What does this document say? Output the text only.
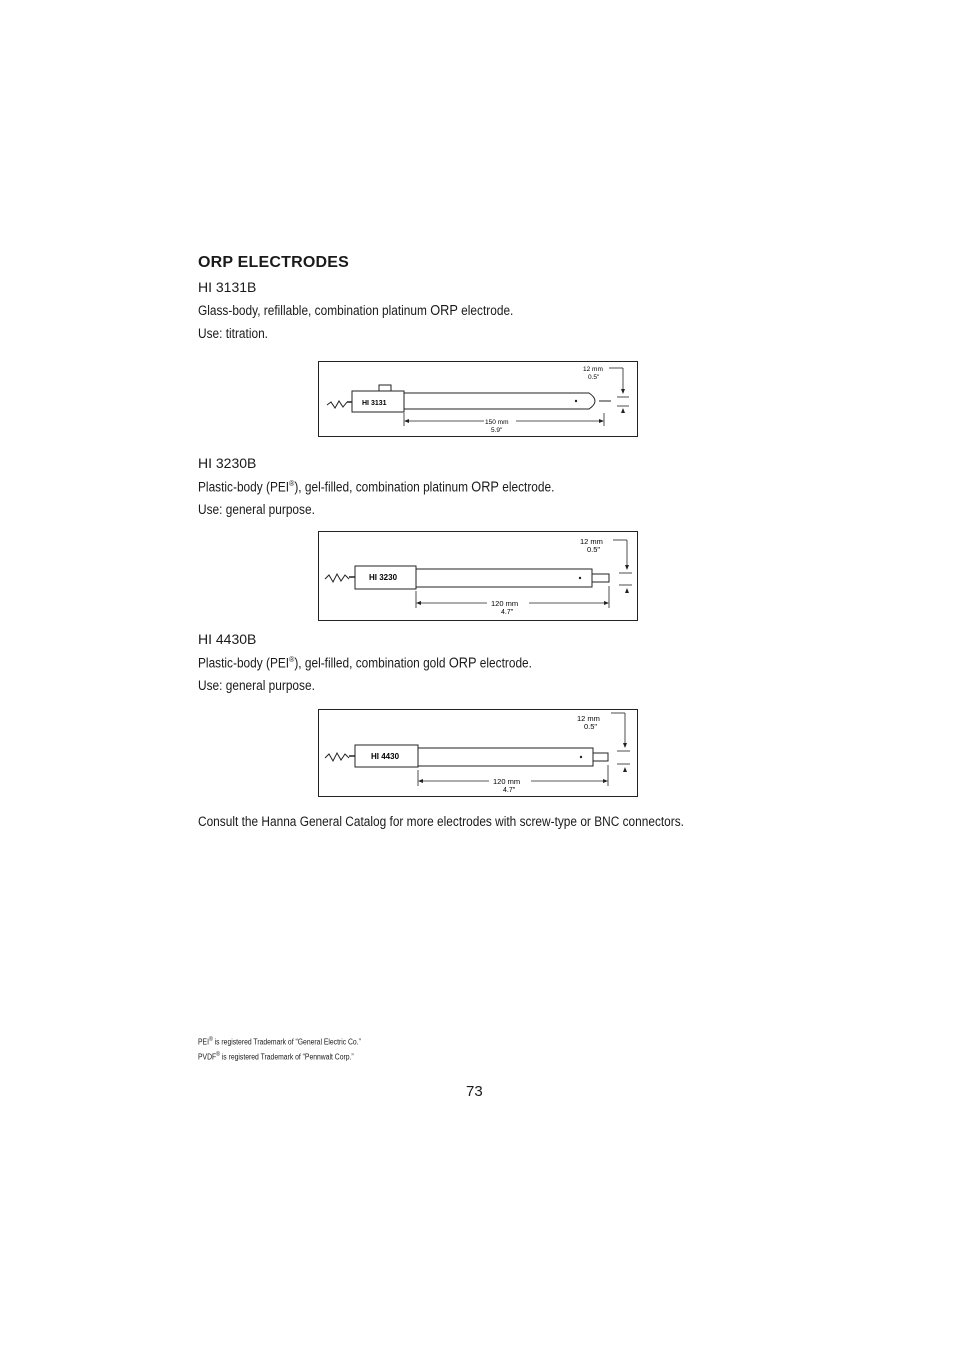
ORP ELECTRODES
HI 3131B
Glass-body, refillable, combination platinum ORP electrode.
Use: titration.
HI 3131
150 mm
5.9"
12 mm
0.5"
HI 3230B
Plastic-body (PEI®), gel-filled, combination platinum ORP electrode.
Use: general purpose.
HI 3230
120 mm
4.7"
12 mm
0.5"
HI 4430B
Plastic-body (PEI®), gel-filled, combination gold ORP electrode.
Use: general purpose.
HI 4430
120 mm
4.7"
12 mm
0.5"
Consult the Hanna General Catalog for more electrodes with screw-type or BNC connectors.
PEI® is registered Trademark of “General Electric Co.”
PVDF® is registered Trademark of “Pennwalt Corp.”
73
